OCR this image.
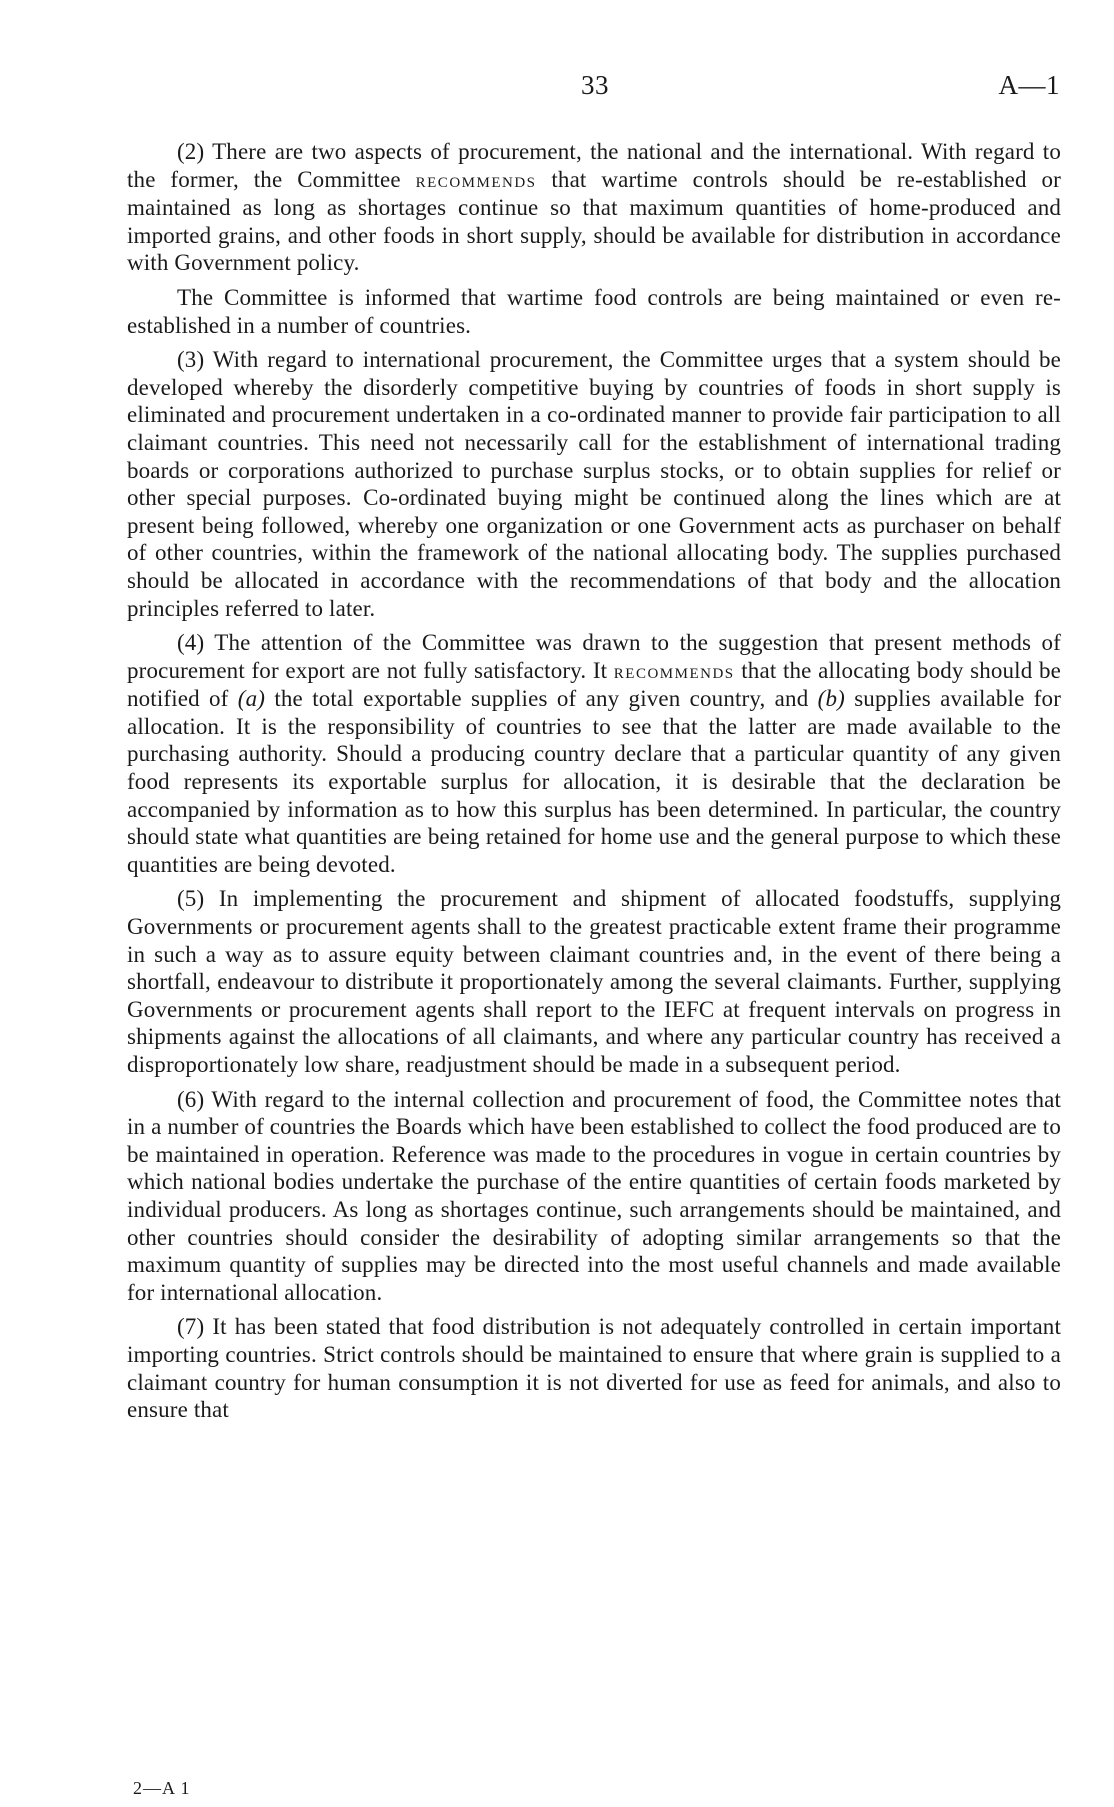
33	A—1

(2) There are two aspects of procurement, the national and the international. With regard to the former, the Committee recommends that wartime controls should be re-established or maintained as long as shortages continue so that maximum quantities of home-produced and imported grains, and other foods in short supply, should be available for distribution in accordance with Government policy.

The Committee is informed that wartime food controls are being maintained or even re-established in a number of countries.

(3) With regard to international procurement, the Committee urges that a system should be developed whereby the disorderly competitive buying by countries of foods in short supply is eliminated and procurement undertaken in a co-ordinated manner to provide fair participation to all claimant countries. This need not necessarily call for the establishment of international trading boards or corporations authorized to purchase surplus stocks, or to obtain supplies for relief or other special purposes. Co-ordinated buying might be continued along the lines which are at present being followed, whereby one organization or one Government acts as purchaser on behalf of other countries, within the framework of the national allocating body. The supplies purchased should be allocated in accordance with the recommendations of that body and the allocation principles referred to later.

(4) The attention of the Committee was drawn to the suggestion that present methods of procurement for export are not fully satisfactory. It recommends that the allocating body should be notified of (a) the total exportable supplies of any given country, and (b) supplies available for allocation. It is the responsibility of countries to see that the latter are made available to the purchasing authority. Should a producing country declare that a particular quantity of any given food represents its exportable surplus for allocation, it is desirable that the declaration be accompanied by information as to how this surplus has been determined. In particular, the country should state what quantities are being retained for home use and the general purpose to which these quantities are being devoted.

(5) In implementing the procurement and shipment of allocated foodstuffs, supplying Governments or procurement agents shall to the greatest practicable extent frame their programme in such a way as to assure equity between claimant countries and, in the event of there being a shortfall, endeavour to distribute it proportionately among the several claimants. Further, supplying Governments or procurement agents shall report to the IEFC at frequent intervals on progress in shipments against the allocations of all claimants, and where any particular country has received a disproportionately low share, readjustment should be made in a subsequent period.

(6) With regard to the internal collection and procurement of food, the Committee notes that in a number of countries the Boards which have been established to collect the food produced are to be maintained in operation. Reference was made to the procedures in vogue in certain countries by which national bodies undertake the purchase of the entire quantities of certain foods marketed by individual producers. As long as shortages continue, such arrangements should be maintained, and other countries should consider the desirability of adopting similar arrangements so that the maximum quantity of supplies may be directed into the most useful channels and made available for international allocation.

(7) It has been stated that food distribution is not adequately controlled in certain important importing countries. Strict controls should be maintained to ensure that where grain is supplied to a claimant country for human consumption it is not diverted for use as feed for animals, and also to ensure that

2—A 1
